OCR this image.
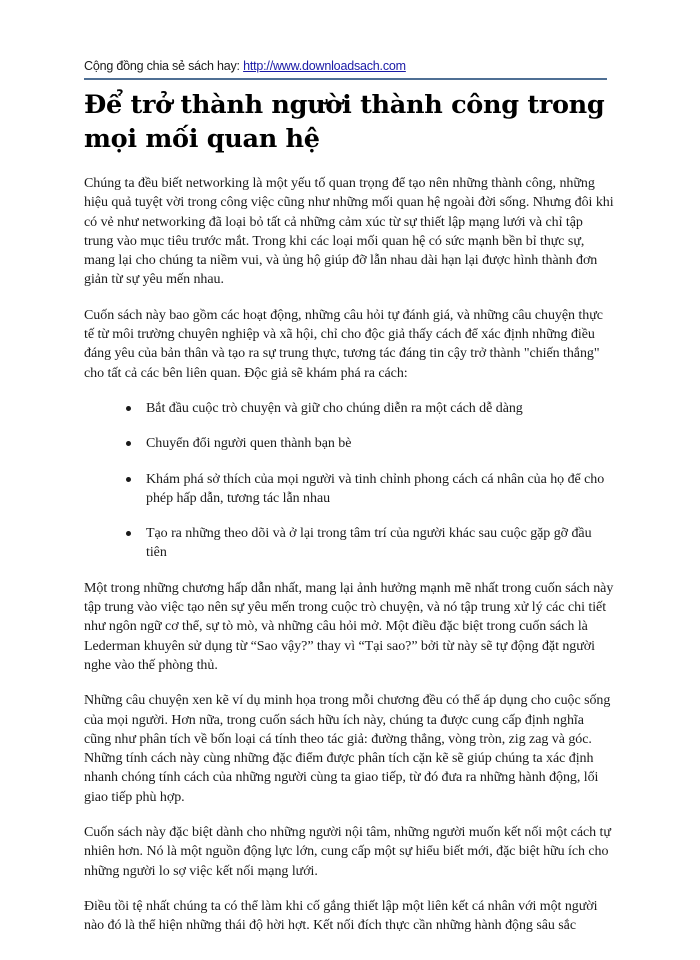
Cộng đồng chia sẻ sách hay: http://www.downloadsach.com
Để trở thành người thành công trong mọi mối quan hệ

Chúng ta đều biết networking là một yếu tố quan trọng để tạo nên những thành công, những hiệu quả tuyệt vời trong công việc cũng như những mối quan hệ ngoài đời sống. Nhưng đôi khi có vẻ như networking đã loại bỏ tất cả những cảm xúc từ sự thiết lập mạng lưới và chỉ tập trung vào mục tiêu trước mắt. Trong khi các loại mối quan hệ có sức mạnh bền bỉ thực sự, mang lại cho chúng ta niềm vui, và ủng hộ giúp đỡ lẫn nhau dài hạn lại được hình thành đơn giản từ sự yêu mến nhau.

Cuốn sách này bao gồm các hoạt động, những câu hỏi tự đánh giá, và những câu chuyện thực tế từ môi trường chuyên nghiệp và xã hội, chỉ cho độc giả thấy cách để xác định những điều đáng yêu của bản thân và tạo ra sự trung thực, tương tác đáng tin cậy trở thành "chiến thắng" cho tất cả các bên liên quan. Độc giả sẽ khám phá ra cách:

Bắt đầu cuộc trò chuyện và giữ cho chúng diễn ra một cách dễ dàng
Chuyển đổi người quen thành bạn bè
Khám phá sở thích của mọi người và tinh chỉnh phong cách cá nhân của họ để cho phép hấp dẫn, tương tác lẫn nhau
Tạo ra những theo dõi và ở lại trong tâm trí của người khác sau cuộc gặp gỡ đầu tiên

Một trong những chương hấp dẫn nhất, mang lại ảnh hưởng mạnh mẽ nhất trong cuốn sách này tập trung vào việc tạo nên sự yêu mến trong cuộc trò chuyện, và nó tập trung xử lý các chi tiết như ngôn ngữ cơ thể, sự tò mò, và những câu hỏi mở. Một điều đặc biệt trong cuốn sách là Lederman khuyên sử dụng từ “Sao vậy?” thay vì “Tại sao?” bởi từ này sẽ tự động đặt người nghe vào thế phòng thủ.

Những câu chuyện xen kẽ ví dụ minh họa trong mỗi chương đều có thể áp dụng cho cuộc sống của mọi người. Hơn nữa, trong cuốn sách hữu ích này, chúng ta được cung cấp định nghĩa cũng như phân tích về bốn loại cá tính theo tác giả: đường thẳng, vòng tròn, zig zag và góc. Những tính cách này cùng những đặc điểm được phân tích cặn kẽ sẽ giúp chúng ta xác định nhanh chóng tính cách của những người cùng ta giao tiếp, từ đó đưa ra những hành động, lối giao tiếp phù hợp.

Cuốn sách này đặc biệt dành cho những người nội tâm, những người muốn kết nối một cách tự nhiên hơn. Nó là một nguồn động lực lớn, cung cấp một sự hiểu biết mới, đặc biệt hữu ích cho những người lo sợ việc kết nối mạng lưới.

Điều tồi tệ nhất chúng ta có thể làm khi cố gắng thiết lập một liên kết cá nhân với một người nào đó là thể hiện những thái độ hời hợt. Kết nối đích thực cần những hành động sâu sắc
